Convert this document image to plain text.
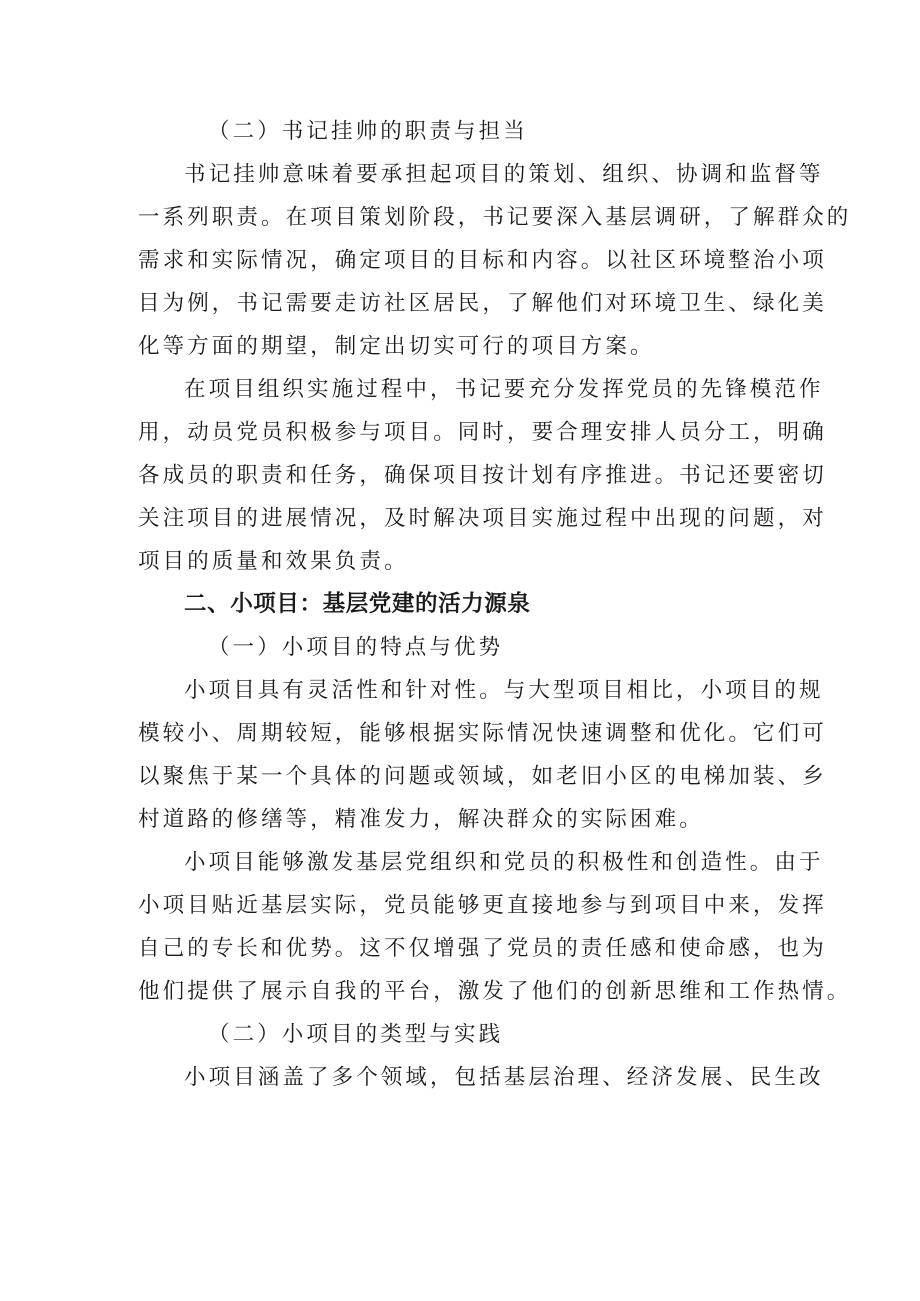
（二）书记挂帅的职责与担当
书记挂帅意味着要承担起项目的策划、组织、协调和监督等
一系列职责。在项目策划阶段，书记要深入基层调研，了解群众的
需求和实际情况，确定项目的目标和内容。以社区环境整治小项
目为例，书记需要走访社区居民，了解他们对环境卫生、绿化美
化等方面的期望，制定出切实可行的项目方案。
在项目组织实施过程中，书记要充分发挥党员的先锋模范作
用，动员党员积极参与项目。同时，要合理安排人员分工，明确
各成员的职责和任务，确保项目按计划有序推进。书记还要密切
关注项目的进展情况，及时解决项目实施过程中出现的问题，对
项目的质量和效果负责。
二、小项目：基层党建的活力源泉
（一）小项目的特点与优势
小项目具有灵活性和针对性。与大型项目相比，小项目的规
模较小、周期较短，能够根据实际情况快速调整和优化。它们可
以聚焦于某一个具体的问题或领域，如老旧小区的电梯加装、乡
村道路的修缮等，精准发力，解决群众的实际困难。
小项目能够激发基层党组织和党员的积极性和创造性。由于
小项目贴近基层实际，党员能够更直接地参与到项目中来，发挥
自己的专长和优势。这不仅增强了党员的责任感和使命感，也为
他们提供了展示自我的平台，激发了他们的创新思维和工作热情。
（二）小项目的类型与实践
小项目涵盖了多个领域，包括基层治理、经济发展、民生改
